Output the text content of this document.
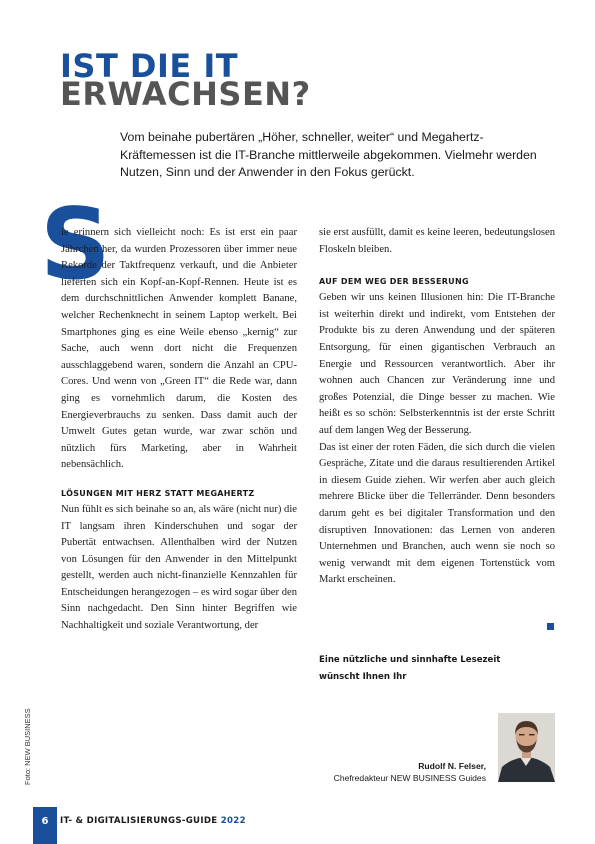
IST DIE IT
ERWACHSEN?

Vom beinahe pubertären „Höher, schneller, weiter“ und Megahertz-Kräftemessen ist die IT-Branche mittlerweile abgekommen. Vielmehr werden Nutzen, Sinn und der Anwender in den Fokus gerückt.

S

ie erinnern sich vielleicht noch: Es ist erst ein paar Jährchen her, da wurden Prozessoren über immer neue Rekorde der Taktfrequenz verkauft, und die Anbieter lieferten sich ein Kopf-an-Kopf-Rennen. Heute ist es dem durchschnittlichen Anwender komplett Banane, welcher Rechenknecht in seinem Laptop werkelt. Bei Smartphones ging es eine Weile ebenso „kernig“ zur Sache, auch wenn dort nicht die Frequenzen ausschlaggebend waren, sondern die Anzahl an CPU-Cores. Und wenn von „Green IT“ die Rede war, dann ging es vornehmlich darum, die Kosten des Energieverbrauchs zu senken. Dass damit auch der Umwelt Gutes getan wurde, war zwar schön und nützlich fürs Marketing, aber in Wahrheit nebensächlich.

LÖSUNGEN MIT HERZ STATT MEGAHERTZ

Nun fühlt es sich beinahe so an, als wäre (nicht nur) die IT langsam ihren Kinderschuhen und sogar der Pubertät entwachsen. Allenthalben wird der Nutzen von Lösungen für den Anwender in den Mittelpunkt gestellt, werden auch nicht-finanzielle Kennzahlen für Entscheidungen herangezogen – es wird sogar über den Sinn nachgedacht. Den Sinn hinter Begriffen wie Nachhaltigkeit und soziale Verantwortung, der

sie erst ausfüllt, damit es keine leeren, bedeutungslosen Floskeln bleiben.

AUF DEM WEG DER BESSERUNG

Geben wir uns keinen Illusionen hin: Die IT-Branche ist weiterhin direkt und indirekt, vom Entstehen der Produkte bis zu deren Anwendung und der späteren Entsorgung, für einen gigantischen Verbrauch an Energie und Ressourcen verantwortlich. Aber ihr wohnen auch Chancen zur Veränderung inne und großes Potenzial, die Dinge besser zu machen. Wie heißt es so schön: Selbsterkenntnis ist der erste Schritt auf dem langen Weg der Besserung.

Das ist einer der roten Fäden, die sich durch die vielen Gespräche, Zitate und die daraus resultierenden Artikel in diesem Guide ziehen. Wir werfen aber auch gleich mehrere Blicke über die Tellerränder. Denn besonders darum geht es bei digitaler Transformation und den disruptiven Innovationen: das Lernen von anderen Unternehmen und Branchen, auch wenn sie noch so wenig verwandt mit dem eigenen Tortenstück vom Markt erscheinen.

Eine nützliche und sinnhafte Lesezeit
wünscht Ihnen Ihr

Rudolf N. Felser,
Chefredakteur NEW BUSINESS Guides
Foto: NEW BUSINESS
6	IT- & DIGITALISIERUNGS-GUIDE 2022
